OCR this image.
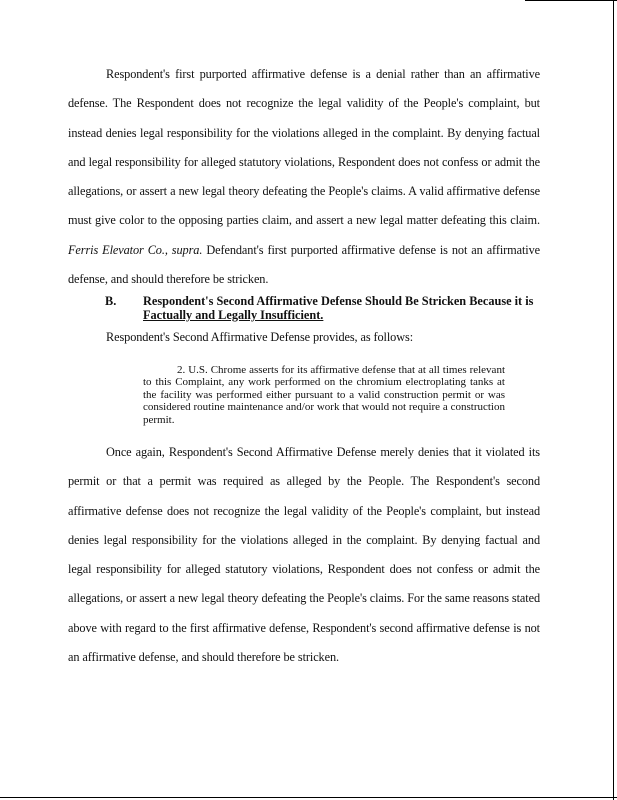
Respondent's first purported affirmative defense is a denial rather than an affirmative defense. The Respondent does not recognize the legal validity of the People's complaint, but instead denies legal responsibility for the violations alleged in the complaint. By denying factual and legal responsibility for alleged statutory violations, Respondent does not confess or admit the allegations, or assert a new legal theory defeating the People's claims. A valid affirmative defense must give color to the opposing parties claim, and assert a new legal matter defeating this claim. Ferris Elevator Co., supra. Defendant's first purported affirmative defense is not an affirmative defense, and should therefore be stricken.

B. Respondent's Second Affirmative Defense Should Be Stricken Because it is
Factually and Legally Insufficient.

Respondent's Second Affirmative Defense provides, as follows:

2. U.S. Chrome asserts for its affirmative defense that at all times relevant to this Complaint, any work performed on the chromium electroplating tanks at the facility was performed either pursuant to a valid construction permit or was considered routine maintenance and/or work that would not require a construction permit.

Once again, Respondent's Second Affirmative Defense merely denies that it violated its permit or that a permit was required as alleged by the People. The Respondent's second affirmative defense does not recognize the legal validity of the People's complaint, but instead denies legal responsibility for the violations alleged in the complaint. By denying factual and legal responsibility for alleged statutory violations, Respondent does not confess or admit the allegations, or assert a new legal theory defeating the People's claims. For the same reasons stated above with regard to the first affirmative defense, Respondent's second affirmative defense is not an affirmative defense, and should therefore be stricken.
